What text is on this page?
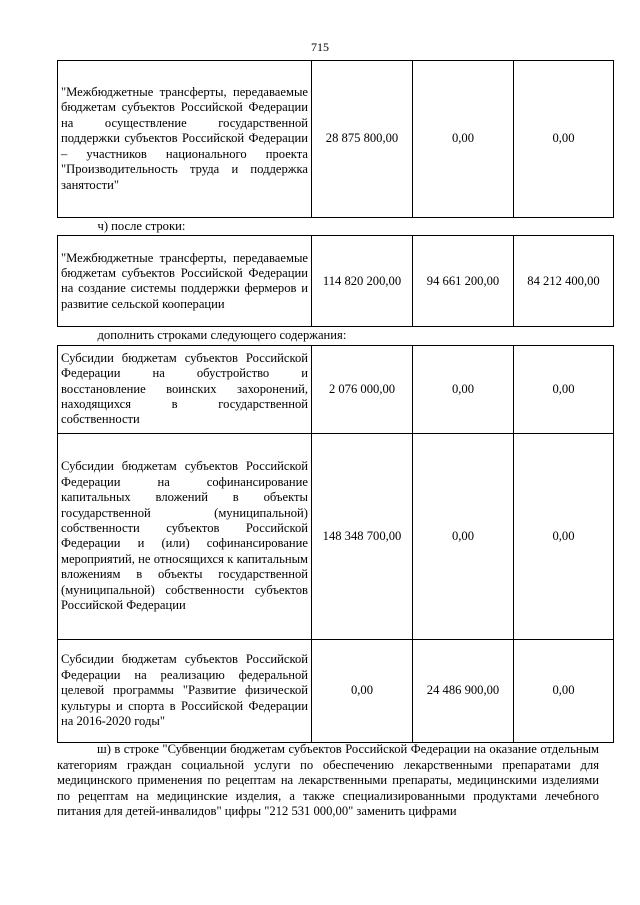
715
"Межбюджетные трансферты, передаваемые бюджетам субъектов Российской Федерации на осуществление государственной поддержки субъектов Российской Федерации – участников национального проекта "Производительность труда и поддержка занятости"	28 875 800,00	0,00	0,00
ч) после строки:			
"Межбюджетные трансферты, передаваемые бюджетам субъектов Российской Федерации на создание системы поддержки фермеров и развитие сельской кооперации	114 820 200,00	94 661 200,00	84 212 400,00
дополнить строками следующего содержания:			
Субсидии бюджетам субъектов Российской Федерации на обустройство и восстановление воинских захоронений, находящихся в государственной собственности	2 076 000,00	0,00	0,00
Субсидии бюджетам субъектов Российской Федерации на софинансирование капитальных вложений в объекты государственной (муниципальной) собственности субъектов Российской Федерации и (или) софинансирование мероприятий, не относящихся к капитальным вложениям в объекты государственной (муниципальной) собственности субъектов Российской Федерации	148 348 700,00	0,00	0,00
Субсидии бюджетам субъектов Российской Федерации на реализацию федеральной целевой программы "Развитие физической культуры и спорта в Российской Федерации на 2016-2020 годы"	0,00	24 486 900,00	0,00
ш) в строке "Субвенции бюджетам субъектов Российской Федерации на оказание отдельным категориям граждан социальной услуги по обеспечению лекарственными препаратами для медицинского применения по рецептам на лекарственными препараты, медицинскими изделиями по рецептам на медицинские изделия, а также специализированными продуктами лечебного питания для детей-инвалидов" цифры "212 531 000,00" заменить цифрами
